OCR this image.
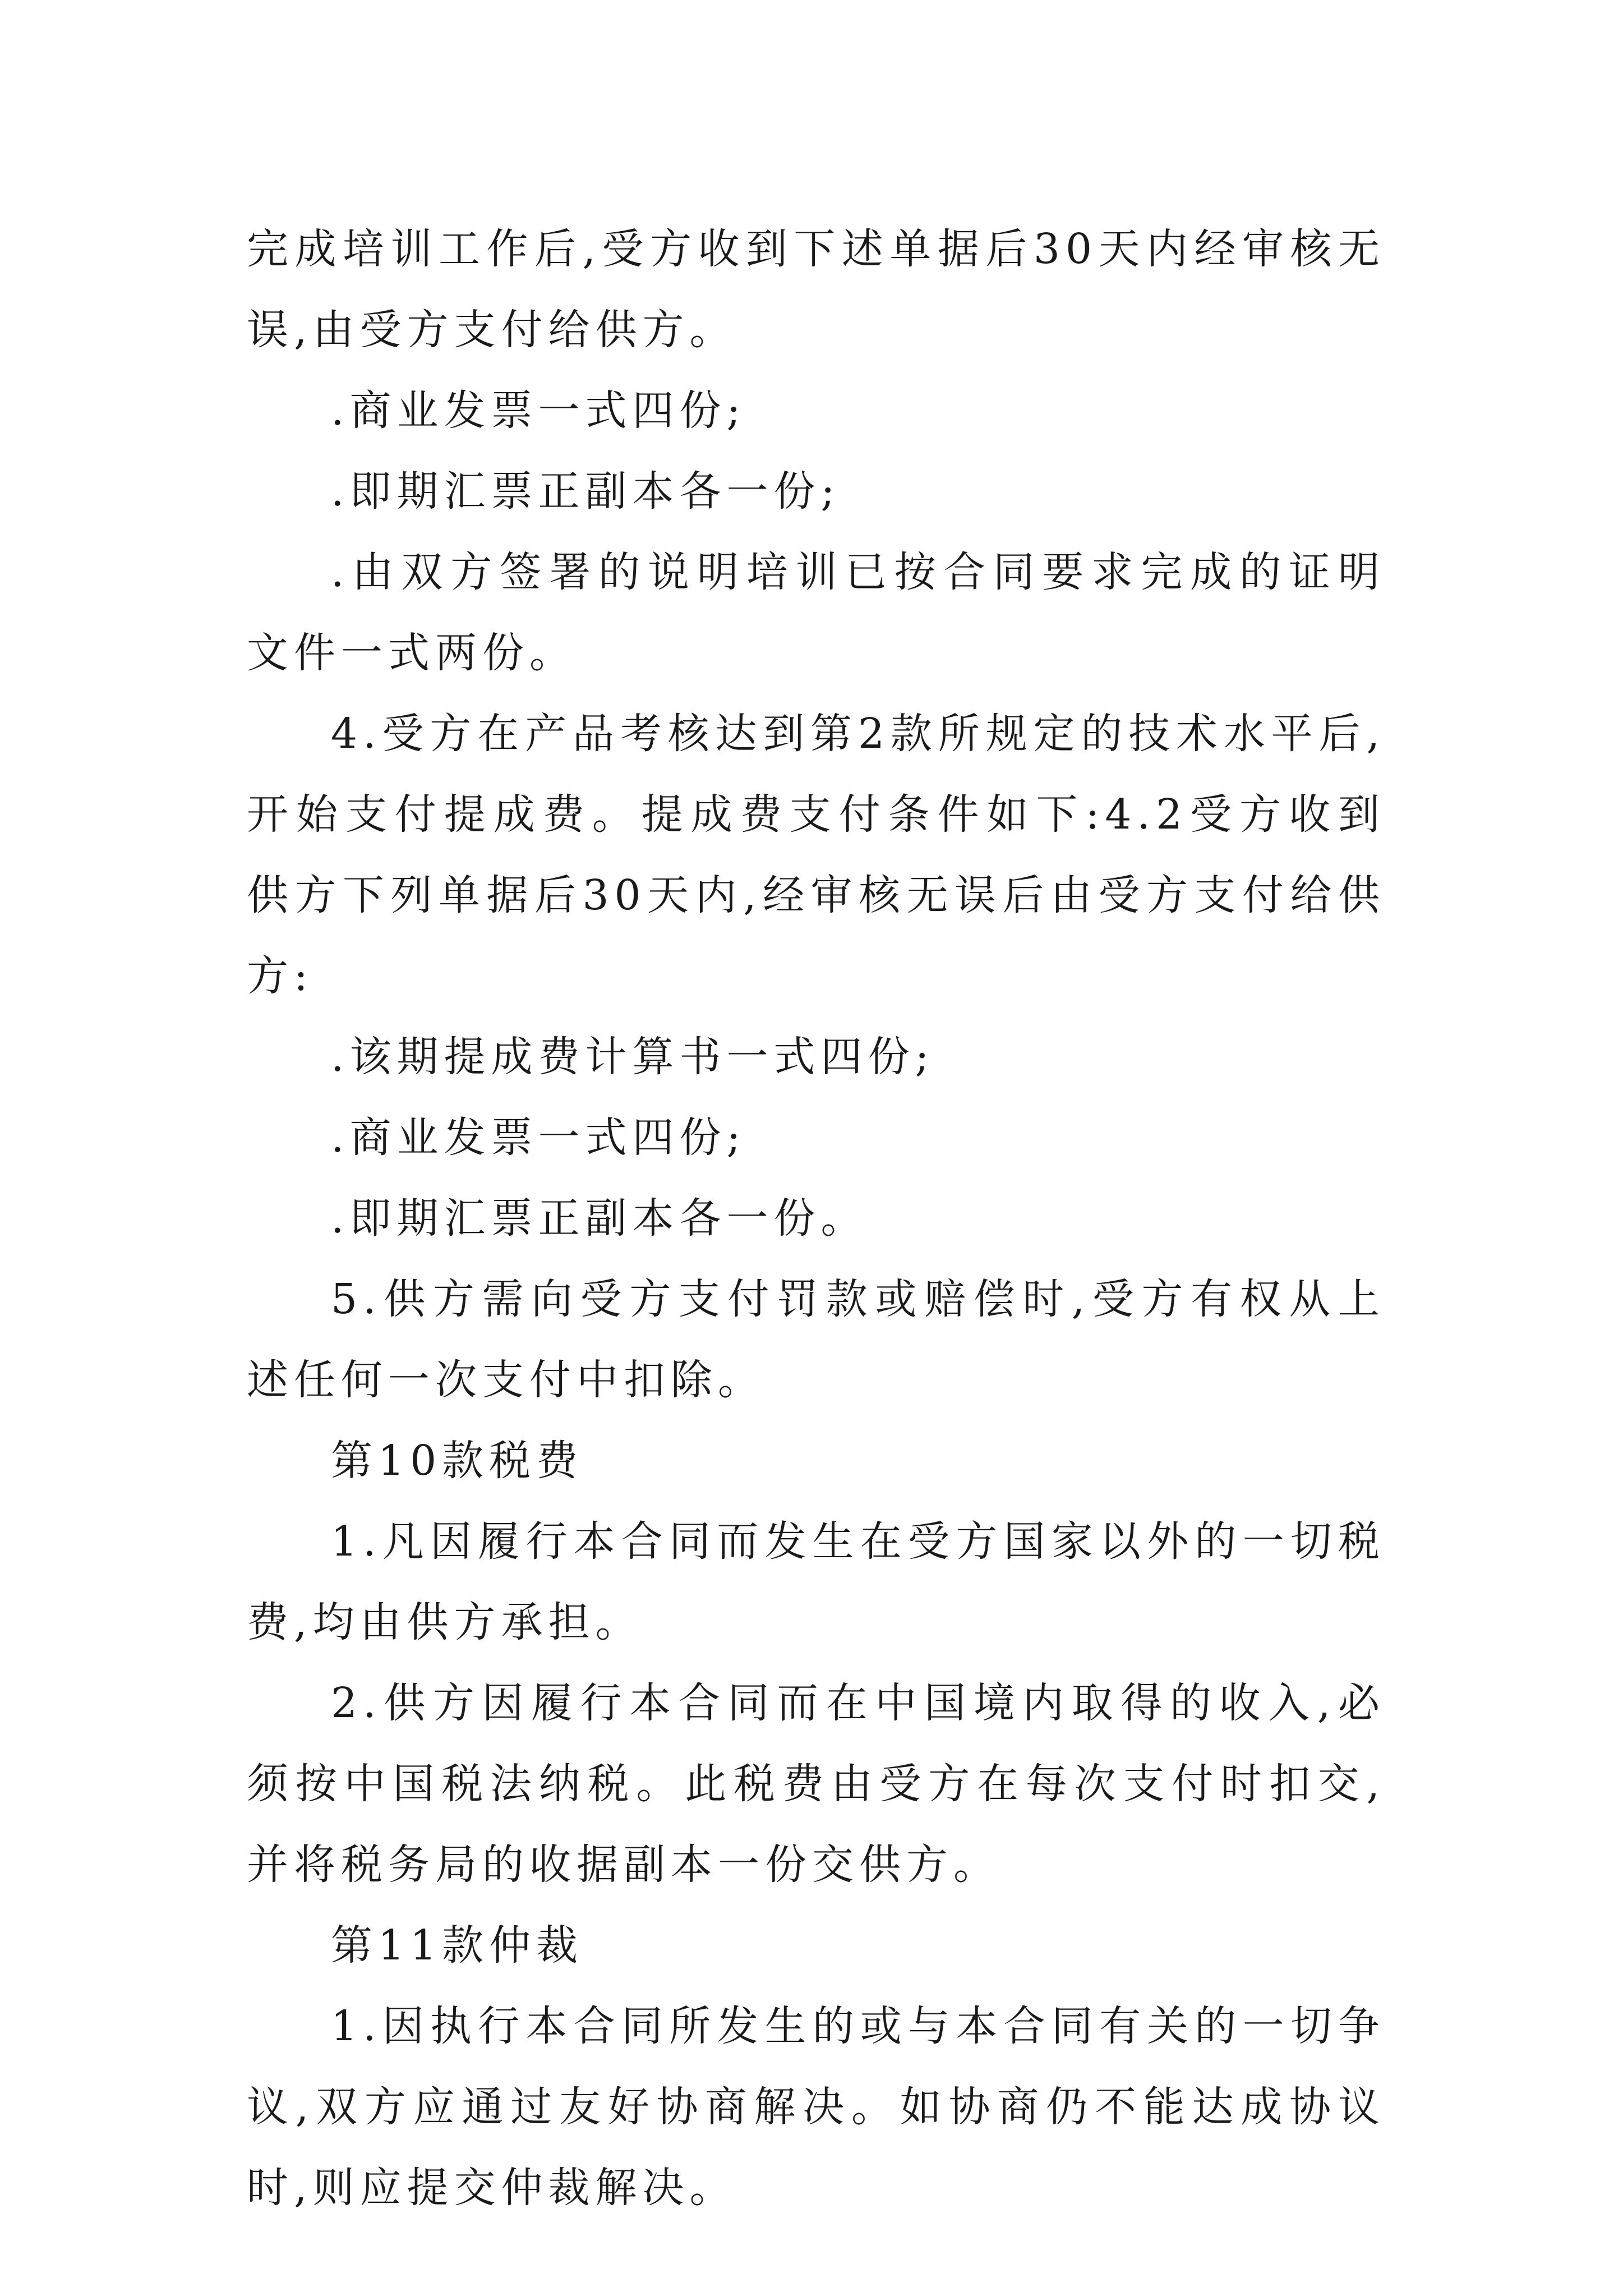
完成培训工作后,受方收到下述单据后30天内经审核无误,由受方支付给供方。

.商业发票一式四份;

.即期汇票正副本各一份;

.由双方签署的说明培训已按合同要求完成的证明文件一式两份。

4.受方在产品考核达到第2款所规定的技术水平后,开始支付提成费。提成费支付条件如下:4.2受方收到供方下列单据后30天内,经审核无误后由受方支付给供方:

.该期提成费计算书一式四份;

.商业发票一式四份;

.即期汇票正副本各一份。

5.供方需向受方支付罚款或赔偿时,受方有权从上述任何一次支付中扣除。

第10款税费

1.凡因履行本合同而发生在受方国家以外的一切税费,均由供方承担。

2.供方因履行本合同而在中国境内取得的收入,必须按中国税法纳税。此税费由受方在每次支付时扣交,并将税务局的收据副本一份交供方。

第11款仲裁

1.因执行本合同所发生的或与本合同有关的一切争议,双方应通过友好协商解决。如协商仍不能达成协议时,则应提交仲裁解决。
